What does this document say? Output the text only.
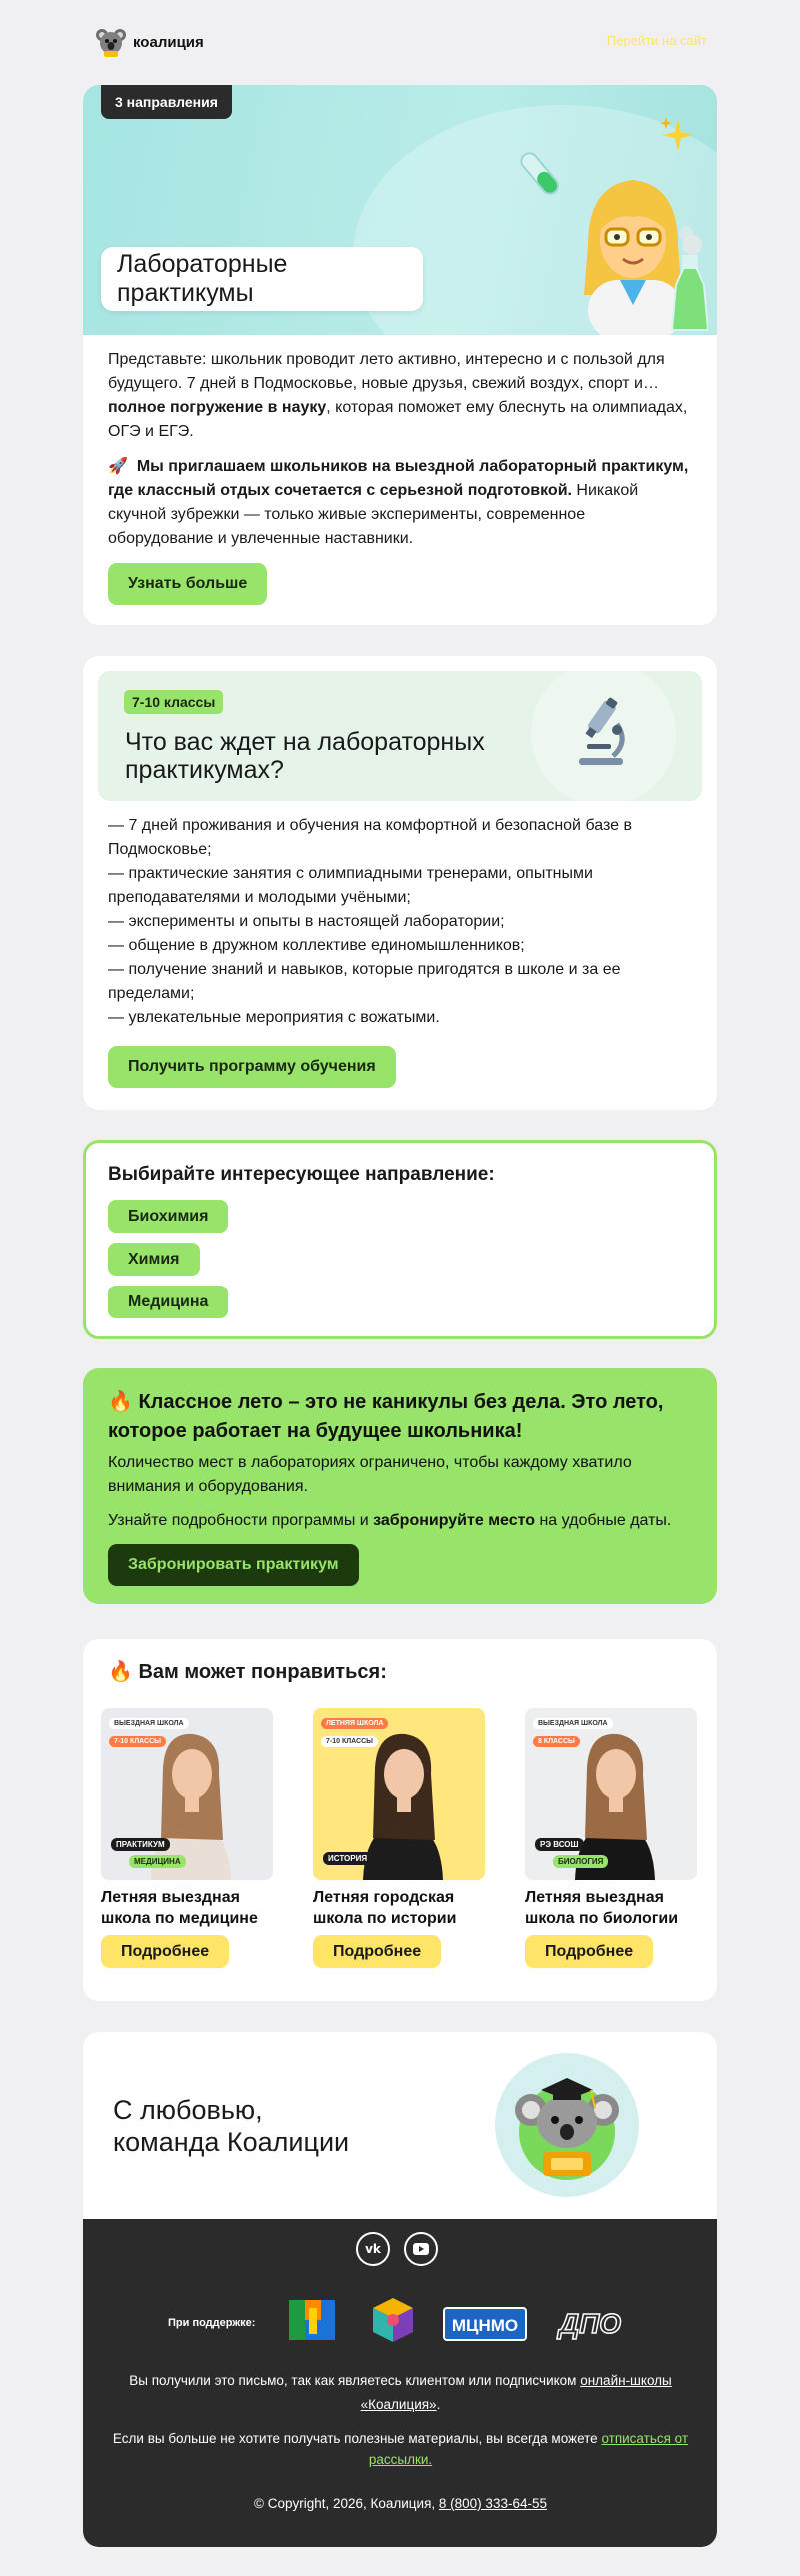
коалиция	Перейти на сайт
3 направления
Лабораторные практикумы

Представьте: школьник проводит лето активно, интересно и с пользой для будущего. 7 дней в Подмосковье, новые друзья, свежий воздух, спорт и… полное погружение в науку, которая поможет ему блеснуть на олимпиадах, ОГЭ и ЕГЭ.

🚀 Мы приглашаем школьников на выездной лабораторный практикум, где классный отдых сочетается с серьезной подготовкой. Никакой скучной зубрежки — только живые эксперименты, современное оборудование и увлеченные наставники.

Узнать больше
7-10 классы
Что вас ждет на лабораторных практикумах?
— 7 дней проживания и обучения на комфортной и безопасной базе в Подмосковье;
— практические занятия с олимпиадными тренерами, опытными преподавателями и молодыми учёными;
— эксперименты и опыты в настоящей лаборатории;
— общение в дружном коллективе единомышленников;
— получение знаний и навыков, которые пригодятся в школе и за ее пределами;
— увлекательные мероприятия с вожатыми.
Получить программу обучения
Выбирайте интересующее направление:
Биохимия
Химия
Медицина
🔥 Классное лето – это не каникулы без дела. Это лето, которое работает на будущее школьника!

Количество мест в лабораториях ограничено, чтобы каждому хватило внимания и оборудования.

Узнайте подробности программы и забронируйте место на удобные даты.

Забронировать практикум
🔥 Вам может понравиться:
ВЫЕЗДНАЯ ШКОЛА
7-10 КЛАССЫ
ПРАКТИКУМ
МЕДИЦИНА
Летняя выездная школа по медицине
Подробнее
ЛЕТНЯЯ ШКОЛА
7-10 КЛАССЫ
ИСТОРИЯ
Летняя городская школа по истории
Подробнее
ВЫЕЗДНАЯ ШКОЛА
8 КЛАССЫ
РЭ ВСОШ
БИОЛОГИЯ
Летняя выездная школа по биологии
Подробнее
С любовью,
команда Коалиции
vk
При поддержке:	МЦНМО	ДПО
Вы получили это письмо, так как являетесь клиентом или подписчиком онлайн-школы «Коалиция».
Если вы больше не хотите получать полезные материалы, вы всегда можете отписаться от рассылки.
© Copyright, 2026, Коалиция, 8 (800) 333-64-55
